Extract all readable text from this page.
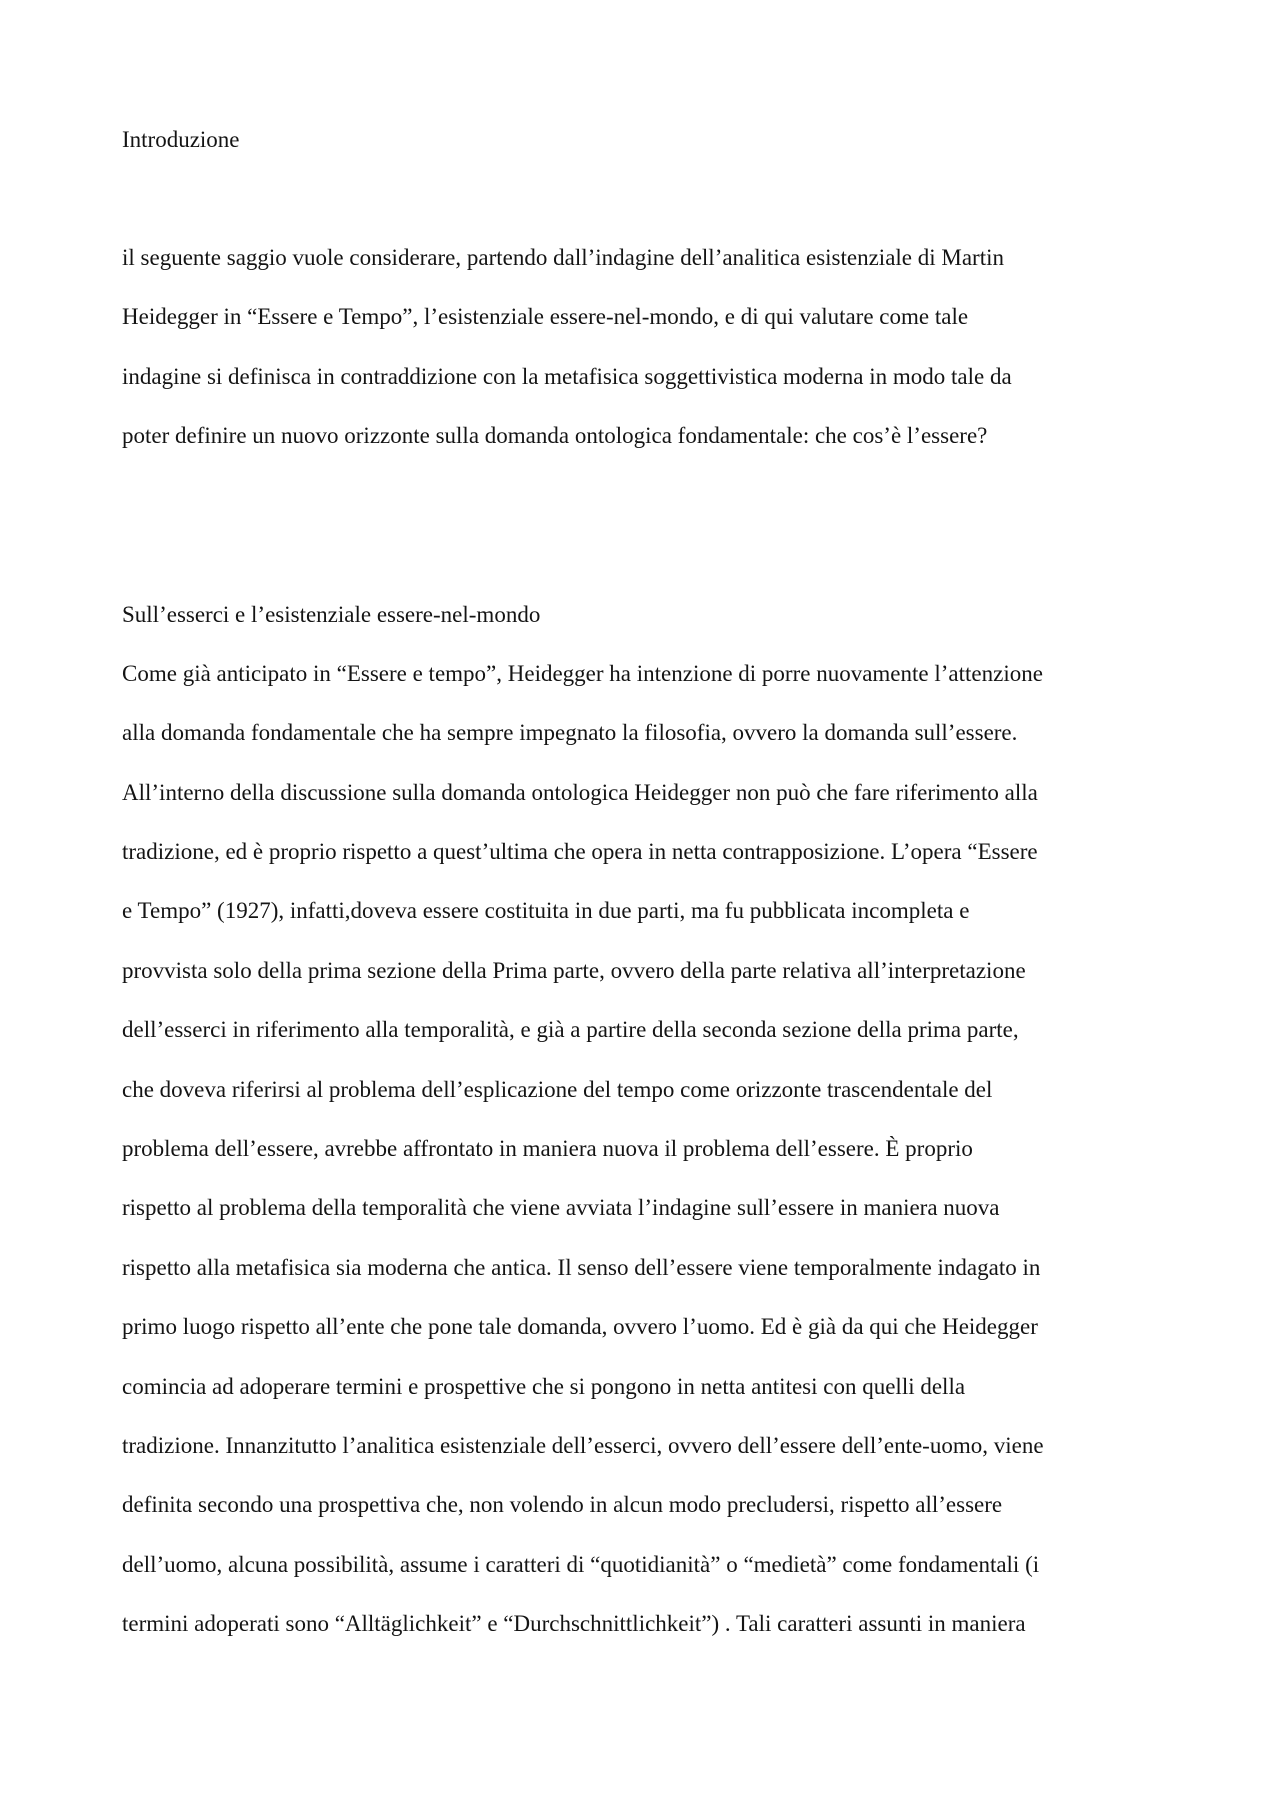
Introduzione
il seguente saggio vuole considerare, partendo dall’indagine dell’analitica esistenziale di Martin
Heidegger in “Essere e Tempo”, l’esistenziale essere-nel-mondo, e di qui valutare come tale
indagine si definisca in contraddizione con la metafisica soggettivistica moderna in modo tale da
poter definire un nuovo orizzonte sulla domanda ontologica fondamentale: che cos’è l’essere?
Sull’esserci e l’esistenziale essere-nel-mondo
Come già anticipato in “Essere e tempo”, Heidegger ha intenzione di porre nuovamente l’attenzione
alla domanda fondamentale che ha sempre impegnato la filosofia, ovvero la domanda sull’essere.
All’interno della discussione sulla domanda ontologica Heidegger non può che fare riferimento alla
tradizione, ed è proprio rispetto a quest’ultima che opera in netta contrapposizione. L’opera “Essere
e Tempo” (1927), infatti,doveva essere costituita in due parti, ma fu pubblicata incompleta e
provvista solo della prima sezione della Prima parte, ovvero della parte relativa all’interpretazione
dell’esserci in riferimento alla temporalità, e già a partire della seconda sezione della prima parte,
che doveva riferirsi al problema dell’esplicazione del tempo come orizzonte trascendentale del
problema dell’essere, avrebbe affrontato in maniera nuova il problema dell’essere. È proprio
rispetto al problema della temporalità che viene avviata l’indagine sull’essere in maniera nuova
rispetto alla metafisica sia moderna che antica. Il senso dell’essere viene temporalmente indagato in
primo luogo rispetto all’ente che pone tale domanda, ovvero l’uomo. Ed è già da qui che Heidegger
comincia ad adoperare termini e prospettive che si pongono in netta antitesi con quelli della
tradizione. Innanzitutto l’analitica esistenziale dell’esserci, ovvero dell’essere dell’ente-uomo, viene
definita secondo una prospettiva che, non volendo in alcun modo precludersi, rispetto all’essere
dell’uomo, alcuna possibilità, assume i caratteri di “quotidianità” o “medietà” come fondamentali (i
termini adoperati sono “Alltäglichkeit” e “Durchschnittlichkeit”) . Tali caratteri assunti in maniera
